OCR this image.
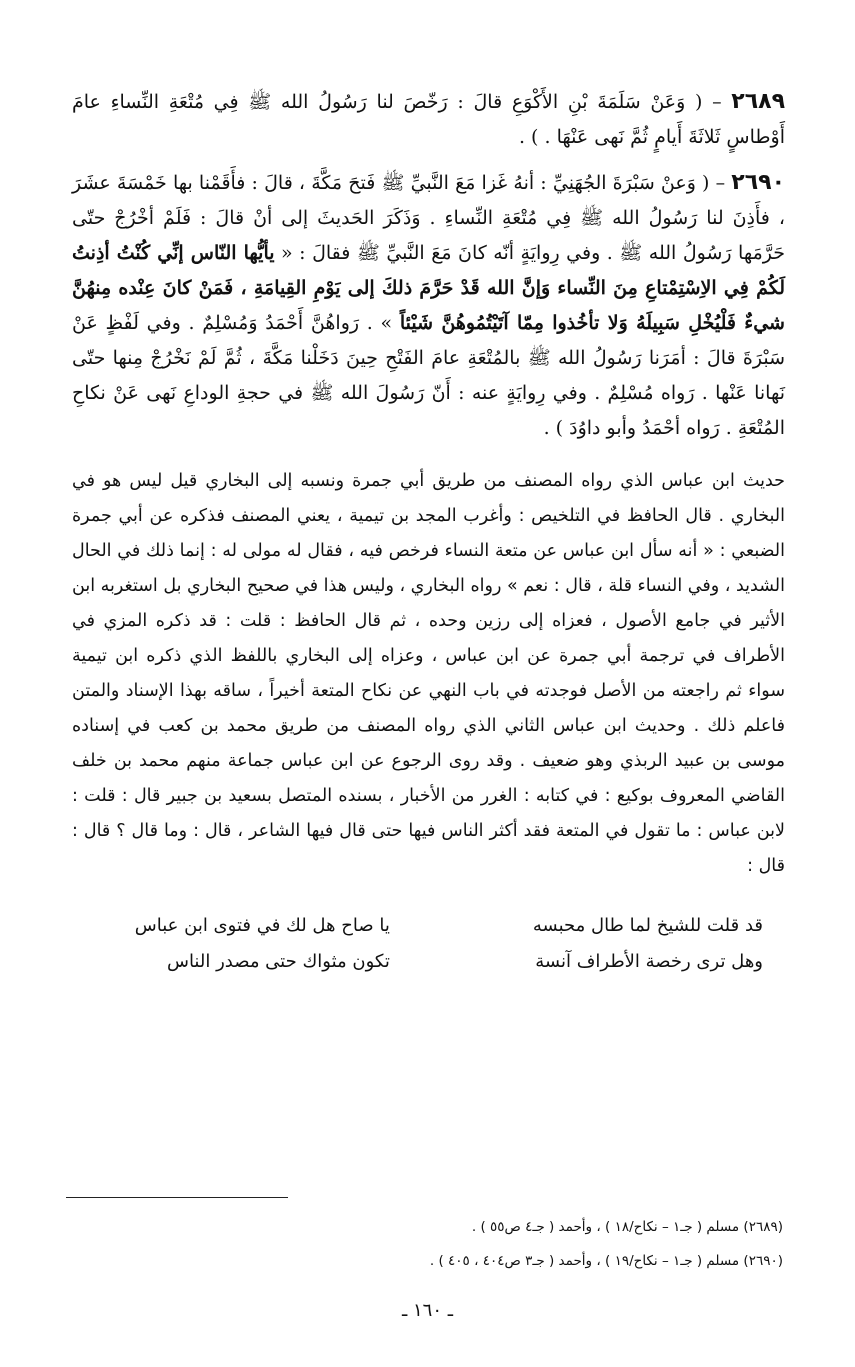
٢٦٨٩ – ( وَعَنْ سَلَمَةَ بْنِ الأَكْوَعِ قالَ : رَخّصَ لنا رَسُولُ الله ﷺ فِي مُتْعَةِ النِّساءِ عامَ أَوْطاسٍ ثَلاثَةَ أَيامٍ ثُمَّ نَهى عَنْهَا . ) .

٢٦٩٠ – ( وَعنْ سَبْرَةَ الجُهَنِيِّ : أنهُ غَزا مَعَ النَّبيِّ ﷺ فَتحَ مَكَّةَ ، قالَ : فأَقَمْنا بها خَمْسَةَ عشَرَ ، فأَذِنَ لنا رَسُولُ الله ﷺ فِي مُتْعَةِ النِّساءِ . وَذَكَرَ الحَديثَ إلى أنْ قالَ : فَلَمْ أخْرُجْ حتّى حَرَّمَها رَسُولُ الله ﷺ . وفي رِوايَةٍ أنّه كانَ مَعَ النَّبيِّ ﷺ فقالَ : « يأيُّها النّاس إنِّي كُنْتُ أذِنتُ لَكُمْ فِي الاِسْتِمْتاعِ مِنَ النِّساء وَإنَّ الله قَدْ حَرَّمَ ذلكَ إلى يَوْمِ القِيامَةِ ، فَمَنْ كانَ عِنْده مِنهُنَّ شيءٌ فَلْيُخْلِ سَبِيلَهُ وَلا تأخُذوا مِمّا آتَيْتُمُوهُنَّ شَيْئاً » . رَواهُنَّ أَحْمَدُ وَمُسْلِمٌ . وفي لَفْظٍ عَنْ سَبْرَةَ قالَ : أمَرَنا رَسُولُ الله ﷺ بالمُتْعَةِ عامَ الفَتْحِ حِينَ دَخَلْنا مَكَّةَ ، ثُمَّ لَمْ نَخْرُجْ مِنها حتّى نَهانا عَنْها . رَواه مُسْلِمٌ . وفي رِوايَةٍ عنه : أَنّ رَسُولَ الله ﷺ في حجةِ الوداعِ نَهى عَنْ نكاحِ المُتْعَةِ . رَواه أحْمَدُ وأبو داوُدَ ) .

حديث ابن عباس الذي رواه المصنف من طريق أبي جمرة ونسبه إلى البخاري قيل ليس هو في البخاري . قال الحافظ في التلخيص : وأغرب المجد بن تيمية ، يعني المصنف فذكره عن أبي جمرة الضبعي : « أنه سأل ابن عباس عن متعة النساء فرخص فيه ، فقال له مولى له : إنما ذلك في الحال الشديد ، وفي النساء قلة ، قال : نعم » رواه البخاري ، وليس هذا في صحيح البخاري بل استغربه ابن الأثير في جامع الأصول ، فعزاه إلى رزين وحده ، ثم قال الحافظ : قلت : قد ذكره المزي في الأطراف في ترجمة أبي جمرة عن ابن عباس ، وعزاه إلى البخاري باللفظ الذي ذكره ابن تيمية سواء ثم راجعته من الأصل فوجدته في باب النهي عن نكاح المتعة أخيراً ، ساقه بهذا الإسناد والمتن فاعلم ذلك . وحديث ابن عباس الثاني الذي رواه المصنف من طريق محمد بن كعب في إسناده موسى بن عبيد الربذي وهو ضعيف . وقد روى الرجوع عن ابن عباس جماعة منهم محمد بن خلف القاضي المعروف بوكيع : في كتابه : الغرر من الأخبار ، بسنده المتصل بسعيد بن جبير قال : قلت : لابن عباس : ما تقول في المتعة فقد أكثر الناس فيها حتى قال فيها الشاعر ، قال : وما قال ؟ قال : قال :

قد قلت للشيخ لما طال محبسه
يا صاح هل لك في فتوى ابن عباس
وهل ترى رخصة الأطراف آنسة
تكون مثواك حتى مصدر الناس
(٢٦٨٩) مسلم ( جـ١ – نكاح/١٨ ) ، وأحمد ( جـ٤ ص٥٥ ) .
(٢٦٩٠) مسلم ( جـ١ – نكاح/١٩ ) ، وأحمد ( جـ٣ ص٤٠٤ ، ٤٠٥ ) .
ـ ١٦٠ ـ
